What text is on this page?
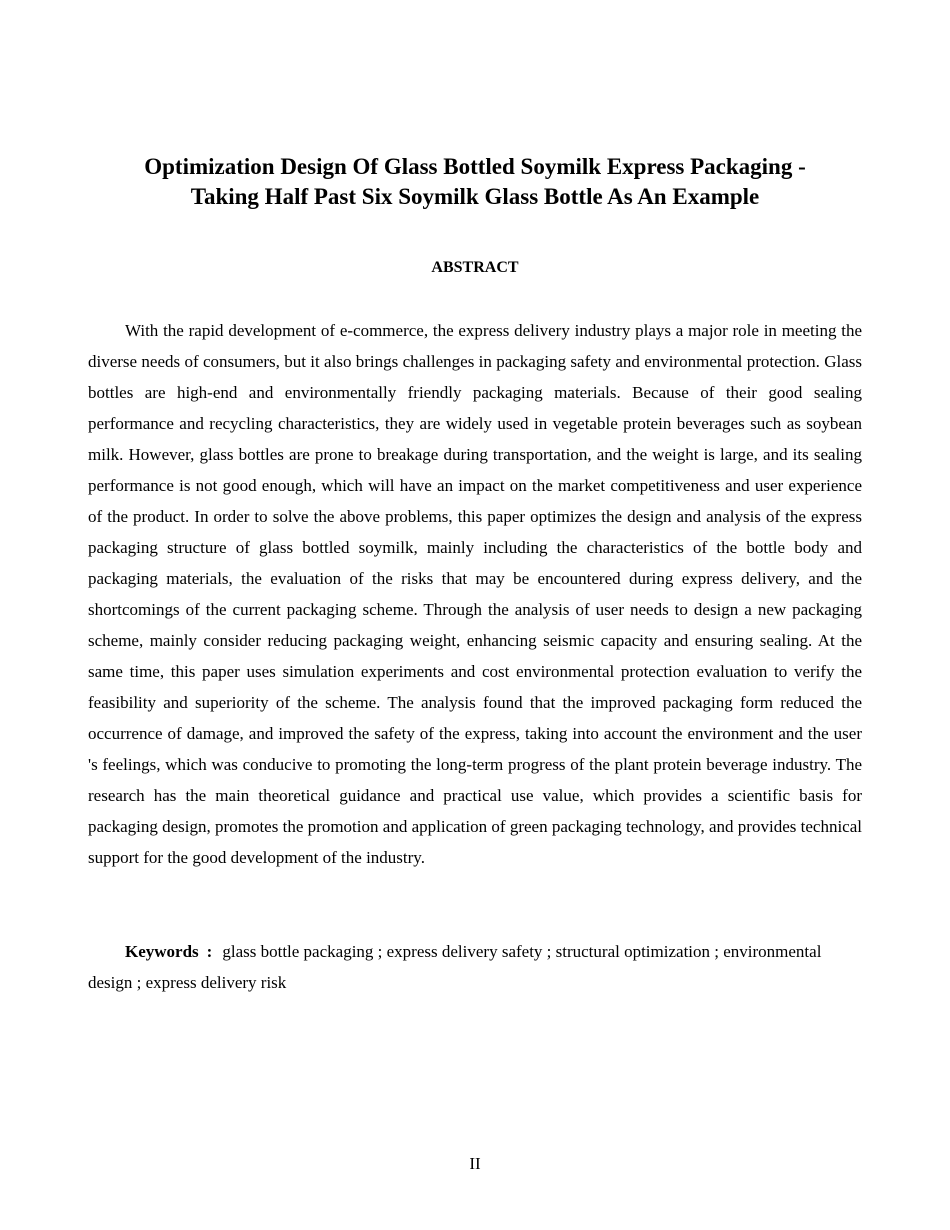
Optimization Design Of Glass Bottled Soymilk Express Packaging -
Taking Half Past Six Soymilk Glass Bottle As An Example
ABSTRACT

With the rapid development of e-commerce, the express delivery industry plays a major role in meeting the diverse needs of consumers, but it also brings challenges in packaging safety and environmental protection. Glass bottles are high-end and environmentally friendly packaging materials. Because of their good sealing performance and recycling characteristics, they are widely used in vegetable protein beverages such as soybean milk. However, glass bottles are prone to breakage during transportation, and the weight is large, and its sealing performance is not good enough, which will have an impact on the market competitiveness and user experience of the product. In order to solve the above problems, this paper optimizes the design and analysis of the express packaging structure of glass bottled soymilk, mainly including the characteristics of the bottle body and packaging materials, the evaluation of the risks that may be encountered during express delivery, and the shortcomings of the current packaging scheme. Through the analysis of user needs to design a new packaging scheme, mainly consider reducing packaging weight, enhancing seismic capacity and ensuring sealing. At the same time, this paper uses simulation experiments and cost environmental protection evaluation to verify the feasibility and superiority of the scheme. The analysis found that the improved packaging form reduced the occurrence of damage, and improved the safety of the express, taking into account the environment and the user 's feelings, which was conducive to promoting the long-term progress of the plant protein beverage industry. The research has the main theoretical guidance and practical use value, which provides a scientific basis for packaging design, promotes the promotion and application of green packaging technology, and provides technical support for the good development of the industry.

Keywords : glass bottle packaging ; express delivery safety ; structural optimization ; environmental design ; express delivery risk

II
